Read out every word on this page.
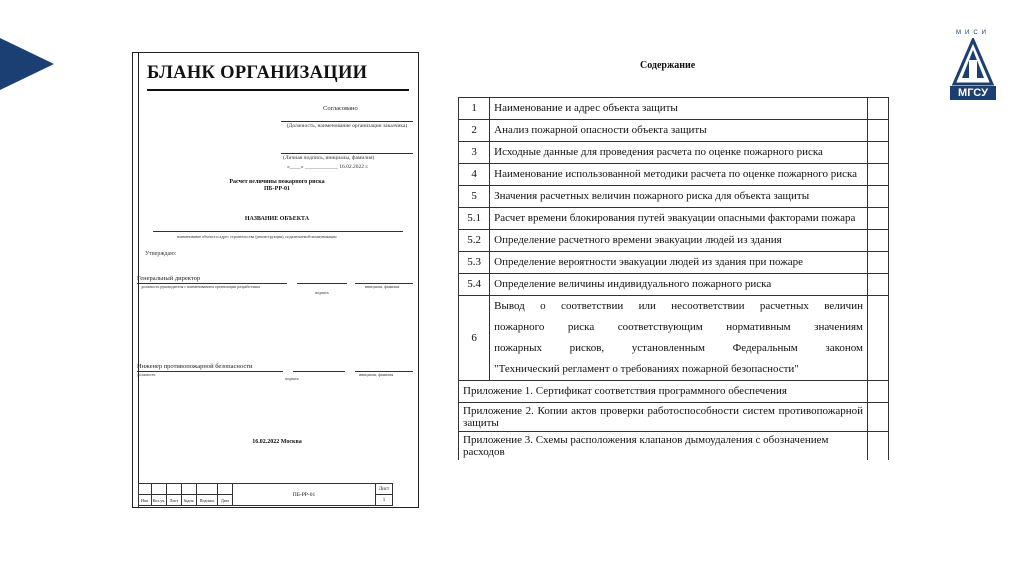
МИСИ
МГСУ
БЛАНК ОРГАНИЗАЦИИ
Согласовано
(Должность, наименование организации заказчика)
(Личная подпись, инициалы, фамилия)
«____» ____________ 16.02.2022 г.
Расчет величины пожарного риска
ПБ-РР-01
НАЗВАНИЕ ОБЪЕКТА
наименование объекта и адрес строительства (реконструкции), подключаемой коммуникации
Утверждаю:
Генеральный директор
должность руководителя с наименованием организации разработчика
подпись
инициалы, фамилия
Инженер противопожарной безопасности
должность
подпись
инициалы, фамилия
16.02.2022 Москва
						ПБ-РР-01	Лист
Изм.	Кол.уч.	Лист	№док.	Подпись	Дата		1
Содержание
1	Наименование и адрес объекта защиты	
2	Анализ пожарной опасности объекта защиты	
3	Исходные данные для проведения расчета по оценке пожарного риска	
4	Наименование использованной методики расчета по оценке пожарного риска	
5	Значения расчетных величин пожарного риска для объекта защиты	
5.1	Расчет времени блокирования путей эвакуации опасными факторами пожара	
5.2	Определение расчетного времени эвакуации людей из здания	
5.3	Определение вероятности эвакуации людей из здания при пожаре	
5.4	Определение величины индивидуального пожарного риска	
6	Вывод о соответствии или несоответствии расчетных величин
пожарного риска соответствующим нормативным значениям
пожарных рисков, установленным Федеральным законом
"Технический регламент о требованиях пожарной безопасности"	

Приложение 1. Сертификат соответствия программного обеспечения		
Приложение 2. Копии актов проверки работоспособности систем противопожарной защиты		
Приложение 3. Схемы расположения клапанов дымоудаления с обозначением расходов		
